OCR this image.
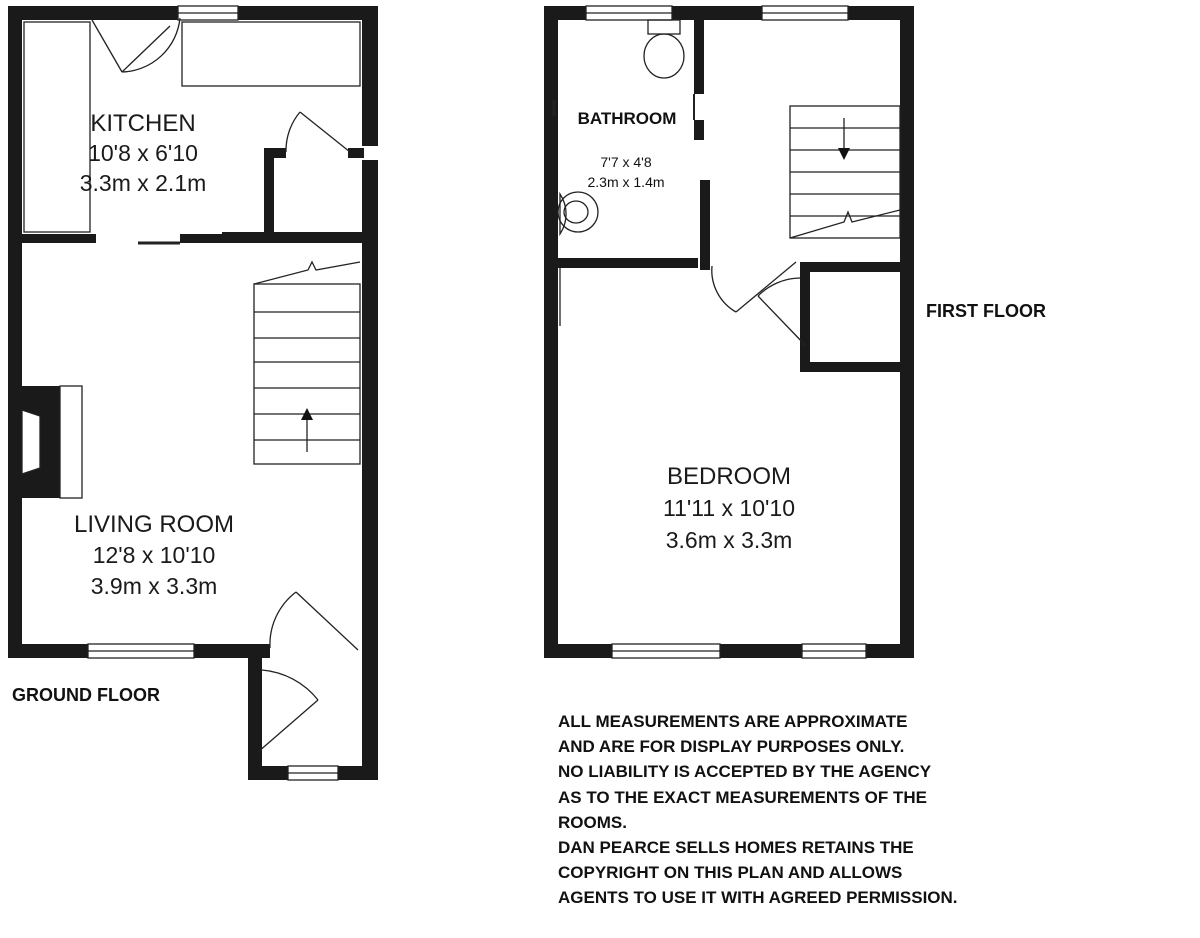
KITCHEN
10'8 x 6'10
3.3m x 2.1m
LIVING ROOM
12'8 x 10'10
3.9m x 3.3m
BATHROOM
7'7 x 4'8
2.3m x 1.4m
BEDROOM
11'11 x 10'10
3.6m x 3.3m
GROUND FLOOR
FIRST FLOOR
ALL MEASUREMENTS ARE APPROXIMATE
AND ARE FOR DISPLAY PURPOSES ONLY.
NO LIABILITY IS ACCEPTED BY THE AGENCY
AS TO THE EXACT MEASUREMENTS OF THE
ROOMS.
DAN PEARCE SELLS HOMES RETAINS THE
COPYRIGHT ON THIS PLAN AND ALLOWS
AGENTS TO USE IT WITH AGREED PERMISSION.
